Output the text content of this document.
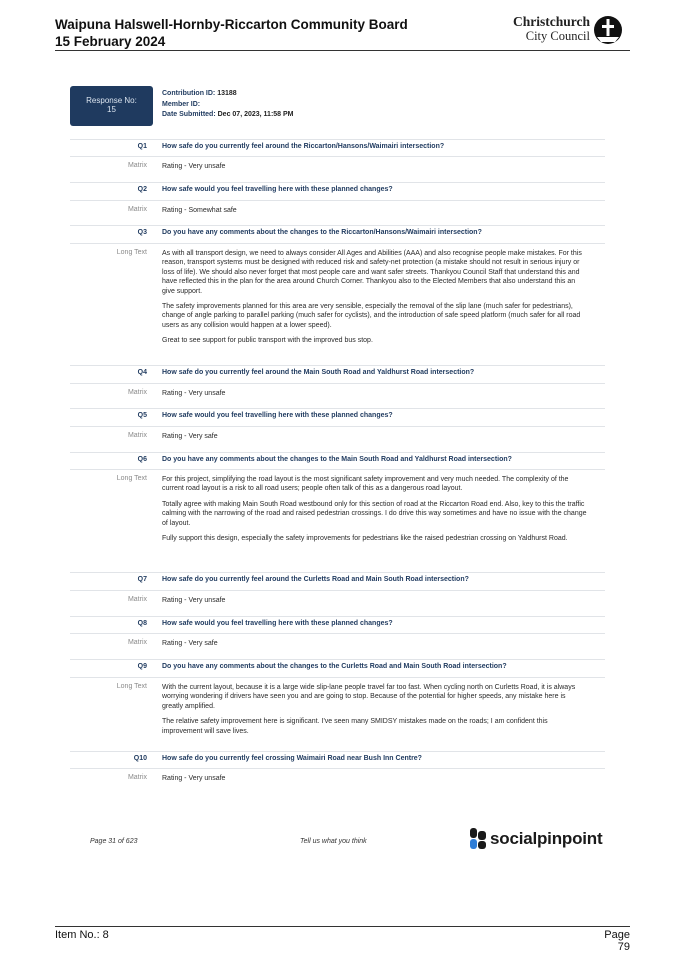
Waipuna Halswell-Hornby-Riccarton Community Board
15 February 2024
Christchurch
City Council
Response No:
15
Contribution ID: 13188
Member ID:
Date Submitted: Dec 07, 2023, 11:58 PM
Q1 How safe do you currently feel around the Riccarton/Hansons/Waimairi intersection?
Matrix Rating - Very unsafe
Q2 How safe would you feel travelling here with these planned changes?
Matrix Rating - Somewhat safe
Q3 Do you have any comments about the changes to the Riccarton/Hansons/Waimairi intersection?
Long Text As with all transport design, we need to always consider All Ages and Abilities (AAA) and also recognise people make mistakes. For this reason, transport systems must be designed with reduced risk and safety-net protection (a mistake should not result in serious injury or loss of life). We should also never forget that most people care and want safer streets. Thankyou Council Staff that understand this and have reflected this in the plan for the area around Church Corner. Thankyou also to the Elected Members that also understand this an give support.
The safety improvements planned for this area are very sensible, especially the removal of the slip lane (much safer for pedestrians), change of angle parking to parallel parking (much safer for cyclists), and the introduction of safe speed platform (much safer for all road users as any collision would happen at a lower speed).
Great to see support for public transport with the improved bus stop.
Q4 How safe do you currently feel around the Main South Road and Yaldhurst Road intersection?
Matrix Rating - Very unsafe
Q5 How safe would you feel travelling here with these planned changes?
Matrix Rating - Very safe
Q6 Do you have any comments about the changes to the Main South Road and Yaldhurst Road intersection?
Long Text For this project, simplifying the road layout is the most significant safety improvement and very much needed. The complexity of the current road layout is a risk to all road users; people often talk of this as a dangerous road layout.
Totally agree with making Main South Road westbound only for this section of road at the Riccarton Road end. Also, key to this the traffic calming with the narrowing of the road and raised pedestrian crossings. I do drive this way sometimes and have no issue with the change of layout.
Fully support this design, especially the safety improvements for pedestrians like the raised pedestrian crossing on Yaldhurst Road.
Q7 How safe do you currently feel around the Curletts Road and Main South Road intersection?
Matrix Rating - Very unsafe
Q8 How safe would you feel travelling here with these planned changes?
Matrix Rating - Very safe
Q9 Do you have any comments about the changes to the Curletts Road and Main South Road intersection?
Long Text With the current layout, because it is a large wide slip-lane people travel far too fast. When cycling north on Curletts Road, it is always worrying wondering if drivers have seen you and are going to stop. Because of the potential for higher speeds, any mistake here is greatly amplified.
The relative safety improvement here is significant. I've seen many SMIDSY mistakes made on the roads; I am confident this improvement will save lives.
Q10 How safe do you currently feel crossing Waimairi Road near Bush Inn Centre?
Matrix Rating - Very unsafe
Page 31 of 623	Tell us what you think	socialpinpoint
Item No.: 8	Page 79
